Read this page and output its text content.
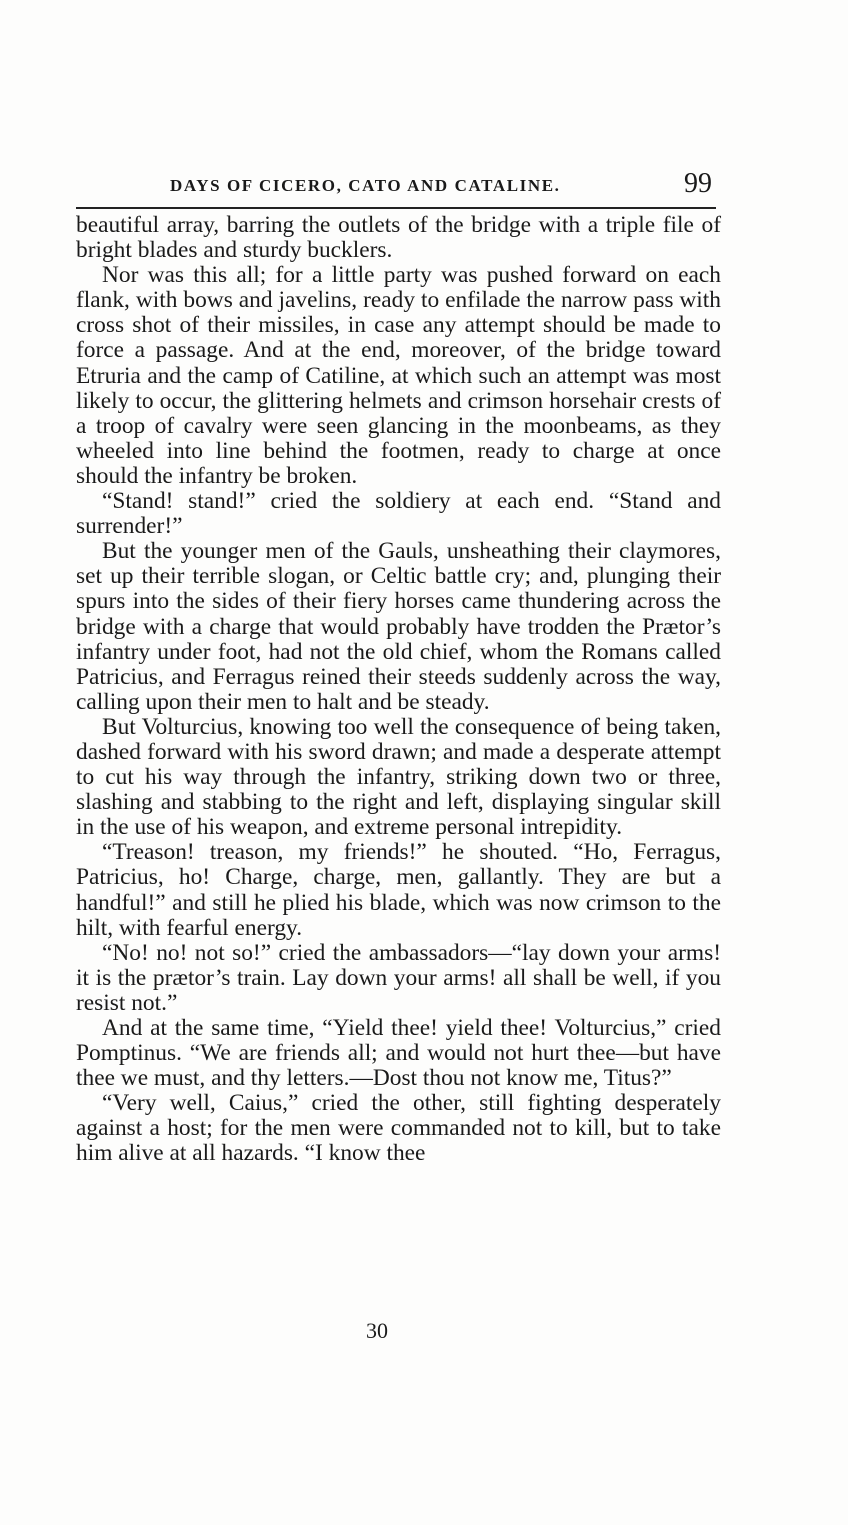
DAYS OF CICERO, CATO AND CATALINE.	99

beautiful array, barring the outlets of the bridge with a triple file of bright blades and sturdy bucklers.

Nor was this all; for a little party was pushed forward on each flank, with bows and javelins, ready to enfilade the narrow pass with cross shot of their missiles, in case any attempt should be made to force a passage. And at the end, moreover, of the bridge toward Etruria and the camp of Catiline, at which such an attempt was most likely to occur, the glittering helmets and crimson horsehair crests of a troop of cavalry were seen glancing in the moonbeams, as they wheeled into line behind the footmen, ready to charge at once should the infantry be broken.

“Stand! stand!” cried the soldiery at each end. “Stand and surrender!”

But the younger men of the Gauls, unsheathing their claymores, set up their terrible slogan, or Celtic battle cry; and, plunging their spurs into the sides of their fiery horses came thundering across the bridge with a charge that would probably have trodden the Prætor’s infantry under foot, had not the old chief, whom the Romans called Patricius, and Ferragus reined their steeds suddenly across the way, calling upon their men to halt and be steady.

But Volturcius, knowing too well the consequence of being taken, dashed forward with his sword drawn; and made a desperate attempt to cut his way through the infantry, striking down two or three, slashing and stabbing to the right and left, displaying singular skill in the use of his weapon, and extreme personal intrepidity.

“Treason! treason, my friends!” he shouted. “Ho, Ferragus, Patricius, ho! Charge, charge, men, gallantly. They are but a handful!” and still he plied his blade, which was now crimson to the hilt, with fearful energy.

“No! no! not so!” cried the ambassadors—“lay down your arms! it is the prætor’s train. Lay down your arms! all shall be well, if you resist not.”

And at the same time, “Yield thee! yield thee! Volturcius,” cried Pomptinus. “We are friends all; and would not hurt thee—but have thee we must, and thy letters.—Dost thou not know me, Titus?”

“Very well, Caius,” cried the other, still fighting desperately against a host; for the men were commanded not to kill, but to take him alive at all hazards. “I know thee

30
